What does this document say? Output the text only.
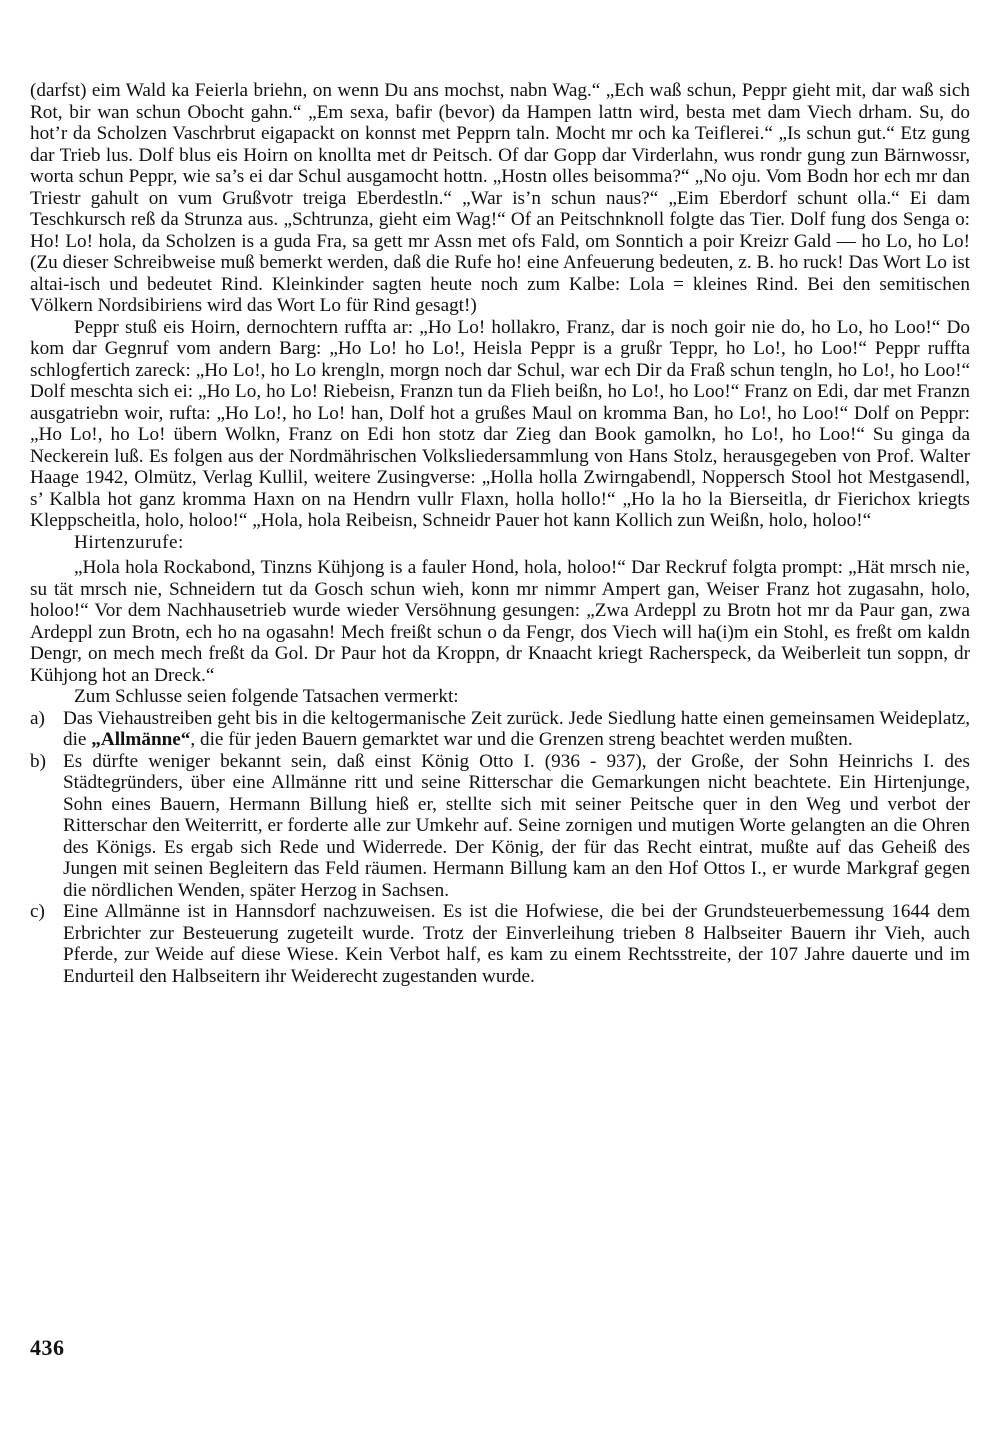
(darfst) eim Wald ka Feierla briehn, on wenn Du ans mochst, nabn Wag.“ „Ech waß schun, Peppr gieht mit, dar waß sich Rot, bir wan schun Obocht gahn.“ „Em sexa, bafir (bevor) da Hampen lattn wird, besta met dam Viech drham. Su, do hot’r da Scholzen Vaschrbrut eigapackt on konnst met Pepprn taln. Mocht mr och ka Teiflerei.“ „Is schun gut.“ Etz gung dar Trieb lus. Dolf blus eis Hoirn on knollta met dr Peitsch. Of dar Gopp dar Virderlahn, wus rondr gung zun Bärnwossr, worta schun Peppr, wie sa’s ei dar Schul ausgamocht hottn. „Hostn olles beisomma?“ „No oju. Vom Bodn hor ech mr dan Triestr gahult on vum Grußvotr treiga Eberdestln.“ „War is’n schun naus?“ „Eim Eberdorf schunt olla.“ Ei dam Teschkursch reß da Strunza aus. „Schtrunza, gieht eim Wag!“ Of an Peitschnknoll folgte das Tier. Dolf fung dos Senga o: Ho! Lo! hola, da Scholzen is a guda Fra, sa gett mr Assn met ofs Fald, om Sonntich a poir Kreizr Gald — ho Lo, ho Lo! (Zu dieser Schreibweise muß bemerkt werden, daß die Rufe ho! eine Anfeuerung bedeuten, z. B. ho ruck! Das Wort Lo ist altai-isch und bedeutet Rind. Kleinkinder sagten heute noch zum Kalbe: Lola = kleines Rind. Bei den semitischen Völkern Nordsibiriens wird das Wort Lo für Rind gesagt!)

Peppr stuß eis Hoirn, dernochtern ruffta ar: „Ho Lo! hollakro, Franz, dar is noch goir nie do, ho Lo, ho Loo!“ Do kom dar Gegnruf vom andern Barg: „Ho Lo! ho Lo!, Heisla Peppr is a grußr Teppr, ho Lo!, ho Loo!“ Peppr ruffta schlogfertich zareck: „Ho Lo!, ho Lo krengln, morgn noch dar Schul, war ech Dir da Fraß schun tengln, ho Lo!, ho Loo!“ Dolf meschta sich ei: „Ho Lo, ho Lo! Riebeisn, Franzn tun da Flieh beißn, ho Lo!, ho Loo!“ Franz on Edi, dar met Franzn ausgatriebn woir, rufta: „Ho Lo!, ho Lo! han, Dolf hot a grußes Maul on kromma Ban, ho Lo!, ho Loo!“ Dolf on Peppr: „Ho Lo!, ho Lo! übern Wolkn, Franz on Edi hon stotz dar Zieg dan Book gamolkn, ho Lo!, ho Loo!“ Su ginga da Neckerein luß. Es folgen aus der Nordmährischen Volksliedersammlung von Hans Stolz, herausgegeben von Prof. Walter Haage 1942, Olmütz, Verlag Kullil, weitere Zusingverse: „Holla holla Zwirngabendl, Noppersch Stool hot Mestgasendl, s’ Kalbla hot ganz kromma Haxn on na Hendrn vullr Flaxn, holla hollo!“ „Ho la ho la Bierseitla, dr Fierichox kriegts Kleppscheitla, holo, holoo!“ „Hola, hola Reibeisn, Schneidr Pauer hot kann Kollich zun Weißn, holo, holoo!“

Hirtenzurufe:

„Hola hola Rockabond, Tinzns Kühjong is a fauler Hond, hola, holoo!“ Dar Reckruf folgta prompt: „Hät mrsch nie, su tät mrsch nie, Schneidern tut da Gosch schun wieh, konn mr nimmr Ampert gan, Weiser Franz hot zugasahn, holo, holoo!“ Vor dem Nachhausetrieb wurde wieder Versöhnung gesungen: „Zwa Ardeppl zu Brotn hot mr da Paur gan, zwa Ardeppl zun Brotn, ech ho na ogasahn! Mech freißt schun o da Fengr, dos Viech will ha(i)m ein Stohl, es freßt om kaldn Dengr, on mech mech freßt da Gol. Dr Paur hot da Kroppn, dr Knaacht kriegt Racherspeck, da Weiberleit tun soppn, dr Kühjong hot an Dreck.“

Zum Schlusse seien folgende Tatsachen vermerkt:

a) Das Viehaustreiben geht bis in die keltogermanische Zeit zurück. Jede Siedlung hatte einen gemeinsamen Weideplatz, die „Allmänne“, die für jeden Bauern gemarktet war und die Grenzen streng beachtet werden mußten.

b) Es dürfte weniger bekannt sein, daß einst König Otto I. (936 - 937), der Große, der Sohn Heinrichs I. des Städtegründers, über eine Allmänne ritt und seine Ritterschar die Gemarkungen nicht beachtete. Ein Hirtenjunge, Sohn eines Bauern, Hermann Billung hieß er, stellte sich mit seiner Peitsche quer in den Weg und verbot der Ritterschar den Weiterritt, er forderte alle zur Umkehr auf. Seine zornigen und mutigen Worte gelangten an die Ohren des Königs. Es ergab sich Rede und Widerrede. Der König, der für das Recht eintrat, mußte auf das Geheiß des Jungen mit seinen Begleitern das Feld räumen. Hermann Billung kam an den Hof Ottos I., er wurde Markgraf gegen die nördlichen Wenden, später Herzog in Sachsen.

c) Eine Allmänne ist in Hannsdorf nachzuweisen. Es ist die Hofwiese, die bei der Grundsteuerbemessung 1644 dem Erbrichter zur Besteuerung zugeteilt wurde. Trotz der Einverleihung trieben 8 Halbseiter Bauern ihr Vieh, auch Pferde, zur Weide auf diese Wiese. Kein Verbot half, es kam zu einem Rechtsstreite, der 107 Jahre dauerte und im Endurteil den Halbseitern ihr Weiderecht zugestanden wurde.

436
